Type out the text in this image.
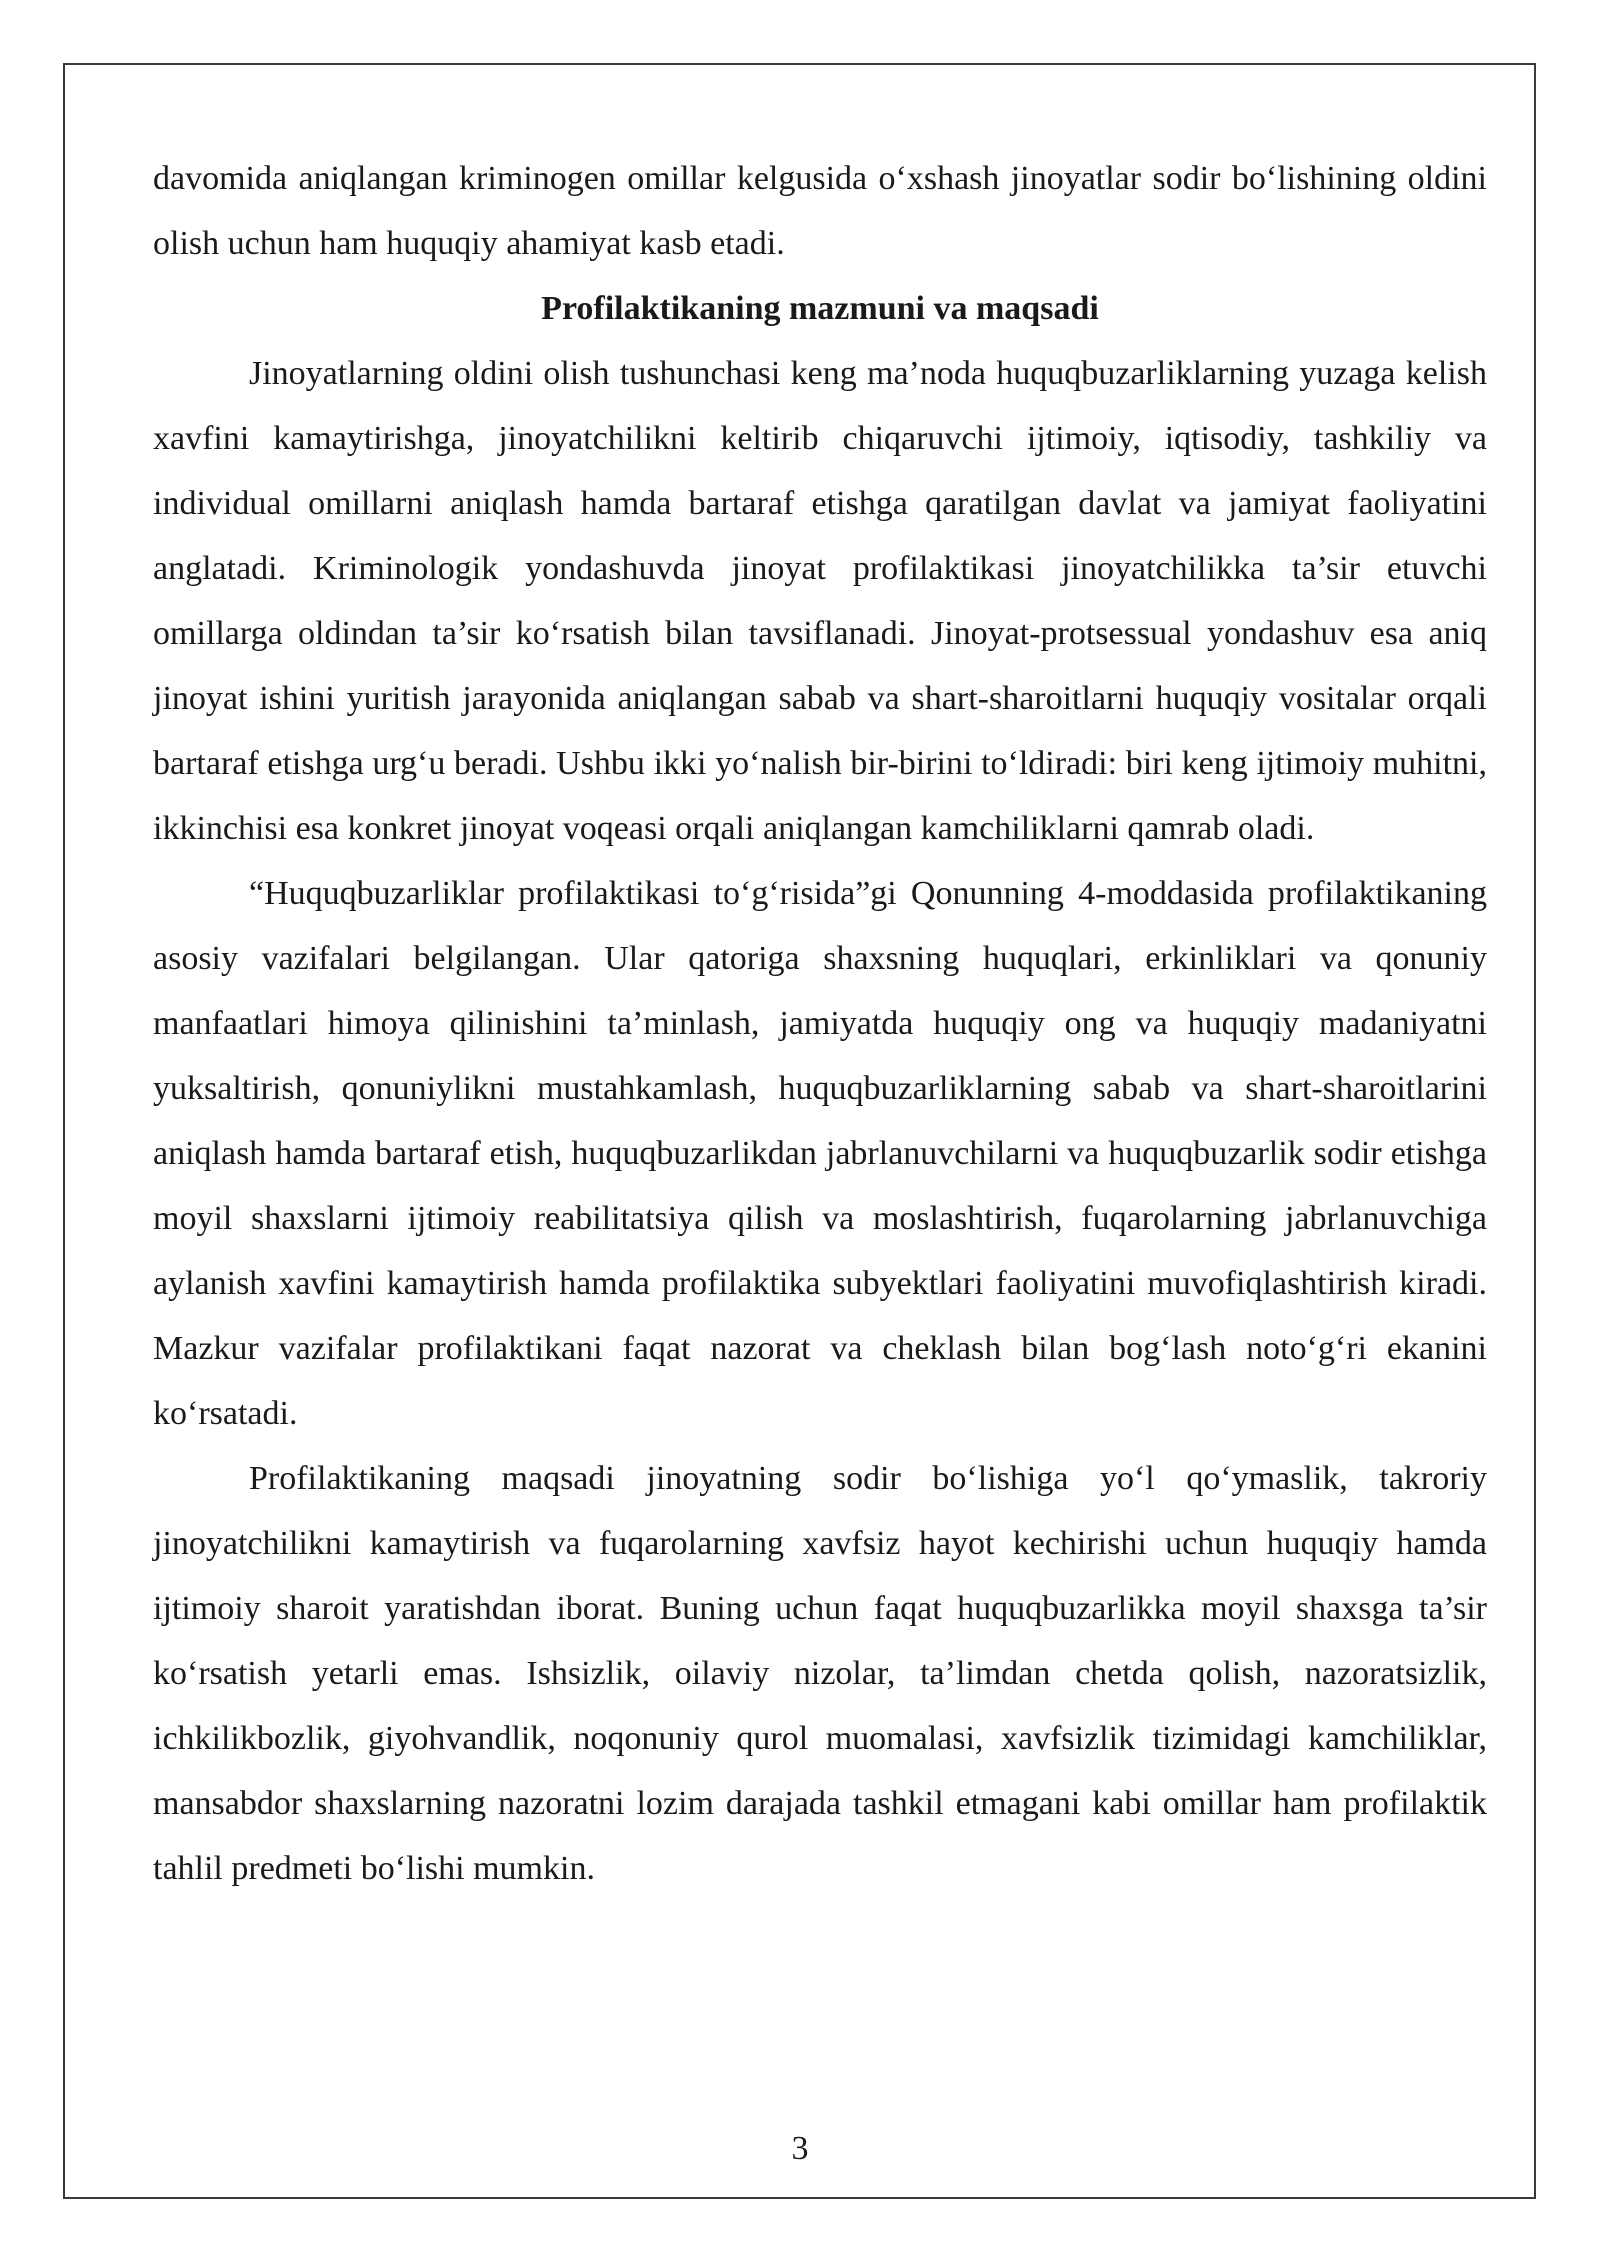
davomida aniqlangan kriminogen omillar kelgusida o‘xshash jinoyatlar sodir bo‘lishining oldini olish uchun ham huquqiy ahamiyat kasb etadi.

Profilaktikaning mazmuni va maqsadi

Jinoyatlarning oldini olish tushunchasi keng ma’noda huquqbuzarliklarning yuzaga kelish xavfini kamaytirishga, jinoyatchilikni keltirib chiqaruvchi ijtimoiy, iqtisodiy, tashkiliy va individual omillarni aniqlash hamda bartaraf etishga qaratilgan davlat va jamiyat faoliyatini anglatadi. Kriminologik yondashuvda jinoyat profilaktikasi jinoyatchilikka ta’sir etuvchi omillarga oldindan ta’sir ko‘rsatish bilan tavsiflanadi. Jinoyat-protsessual yondashuv esa aniq jinoyat ishini yuritish jarayonida aniqlangan sabab va shart-sharoitlarni huquqiy vositalar orqali bartaraf etishga urg‘u beradi. Ushbu ikki yo‘nalish bir-birini to‘ldiradi: biri keng ijtimoiy muhitni, ikkinchisi esa konkret jinoyat voqeasi orqali aniqlangan kamchiliklarni qamrab oladi.

“Huquqbuzarliklar profilaktikasi to‘g‘risida”gi Qonunning 4-moddasida profilaktikaning asosiy vazifalari belgilangan. Ular qatoriga shaxsning huquqlari, erkinliklari va qonuniy manfaatlari himoya qilinishini ta’minlash, jamiyatda huquqiy ong va huquqiy madaniyatni yuksaltirish, qonuniylikni mustahkamlash, huquqbuzarliklarning sabab va shart-sharoitlarini aniqlash hamda bartaraf etish, huquqbuzarlikdan jabrlanuvchilarni va huquqbuzarlik sodir etishga moyil shaxslarni ijtimoiy reabilitatsiya qilish va moslashtirish, fuqarolarning jabrlanuvchiga aylanish xavfini kamaytirish hamda profilaktika subyektlari faoliyatini muvofiqlashtirish kiradi. Mazkur vazifalar profilaktikani faqat nazorat va cheklash bilan bog‘lash noto‘g‘ri ekanini ko‘rsatadi.

Profilaktikaning maqsadi jinoyatning sodir bo‘lishiga yo‘l qo‘ymaslik, takroriy jinoyatchilikni kamaytirish va fuqarolarning xavfsiz hayot kechirishi uchun huquqiy hamda ijtimoiy sharoit yaratishdan iborat. Buning uchun faqat huquqbuzarlikka moyil shaxsga ta’sir ko‘rsatish yetarli emas. Ishsizlik, oilaviy nizolar, ta’limdan chetda qolish, nazoratsizlik, ichkilikbozlik, giyohvandlik, noqonuniy qurol muomalasi, xavfsizlik tizimidagi kamchiliklar, mansabdor shaxslarning nazoratni lozim darajada tashkil etmagani kabi omillar ham profilaktik tahlil predmeti bo‘lishi mumkin.

3
